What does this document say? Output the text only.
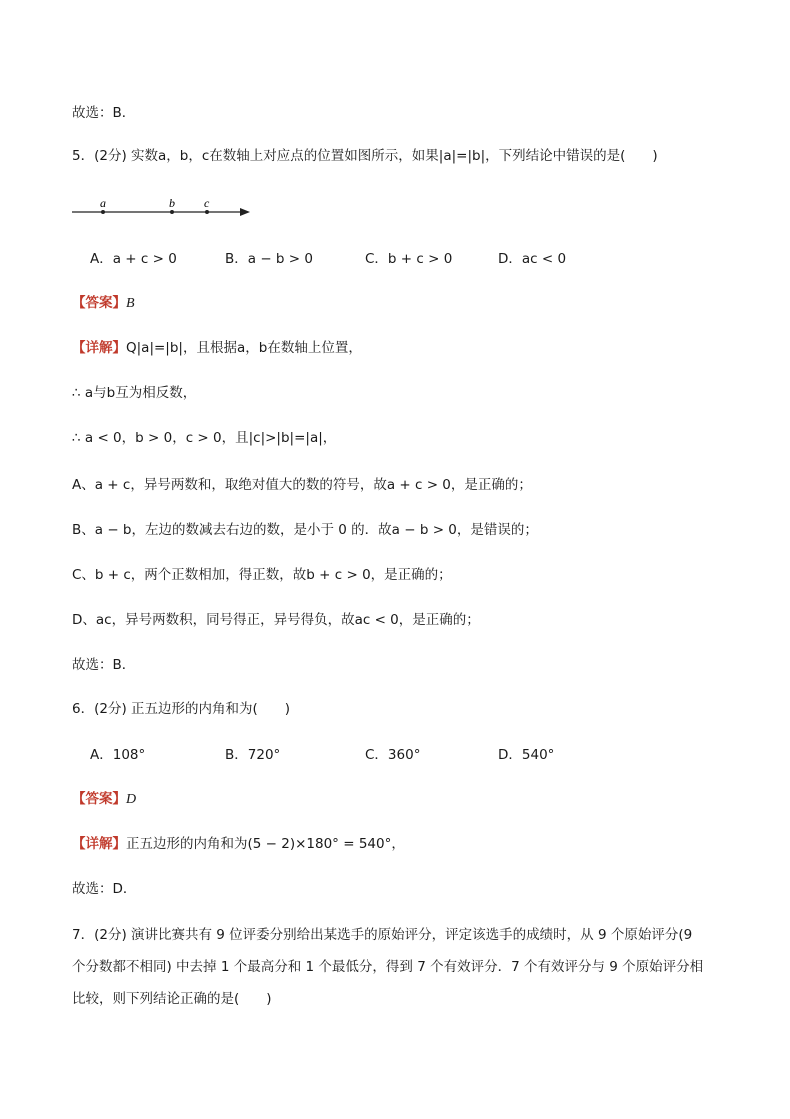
故选：B．
5．(2分) 实数a，b，c在数轴上对应点的位置如图所示，如果|a|=|b|，下列结论中错误的是(　　)
a	b c
A．a + c > 0	B．a − b > 0	C．b + c > 0	D．ac < 0
【答案】B
【详解】Q|a|=|b|，且根据a，b在数轴上位置，
∴ a与b互为相反数，
∴ a < 0，b > 0，c > 0，且|c|>|b|=|a|，
A、a + c，异号两数和，取绝对值大的数的符号，故a + c > 0，是正确的；
B、a − b，左边的数减去右边的数，是小于 0 的．故a − b > 0，是错误的；
C、b + c，两个正数相加，得正数，故b + c > 0，是正确的；
D、ac，异号两数积，同号得正，异号得负，故ac < 0，是正确的；
故选：B．
6．(2分) 正五边形的内角和为(　　)
A．108°	B．720°	C．360°	D．540°
【答案】D
【详解】正五边形的内角和为(5 − 2)×180° = 540°，
故选：D．
7．(2分) 演讲比赛共有 9 位评委分别给出某选手的原始评分，评定该选手的成绩时，从 9 个原始评分(9
个分数都不相同) 中去掉 1 个最高分和 1 个最低分，得到 7 个有效评分．7 个有效评分与 9 个原始评分相
比较，则下列结论正确的是(　　)
